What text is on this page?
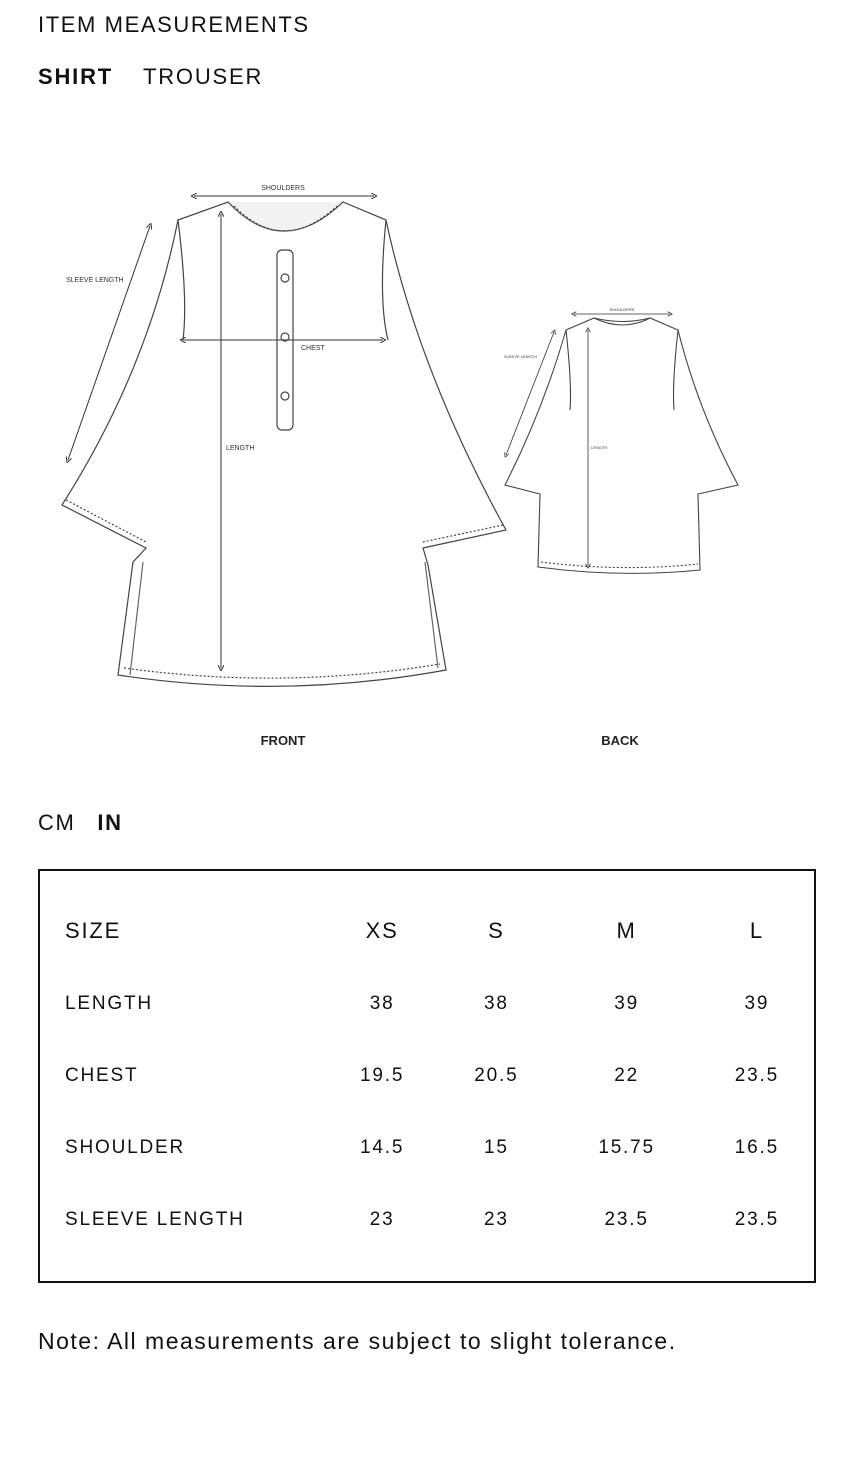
ITEM MEASUREMENTS
SHIRT TROUSER
SHOULDERS
CHEST
LENGTH
SLEEVE LENGTH
SHOULDERS
LENGTH
SLEEVE LENGTH
FRONT	BACK
CM IN
SIZE	XS	S	M	L
LENGTH	38	38	39	39
CHEST	19.5	20.5	22	23.5
SHOULDER	14.5	15	15.75	16.5
SLEEVE LENGTH	23	23	23.5	23.5
Note: All measurements are subject to slight tolerance.
